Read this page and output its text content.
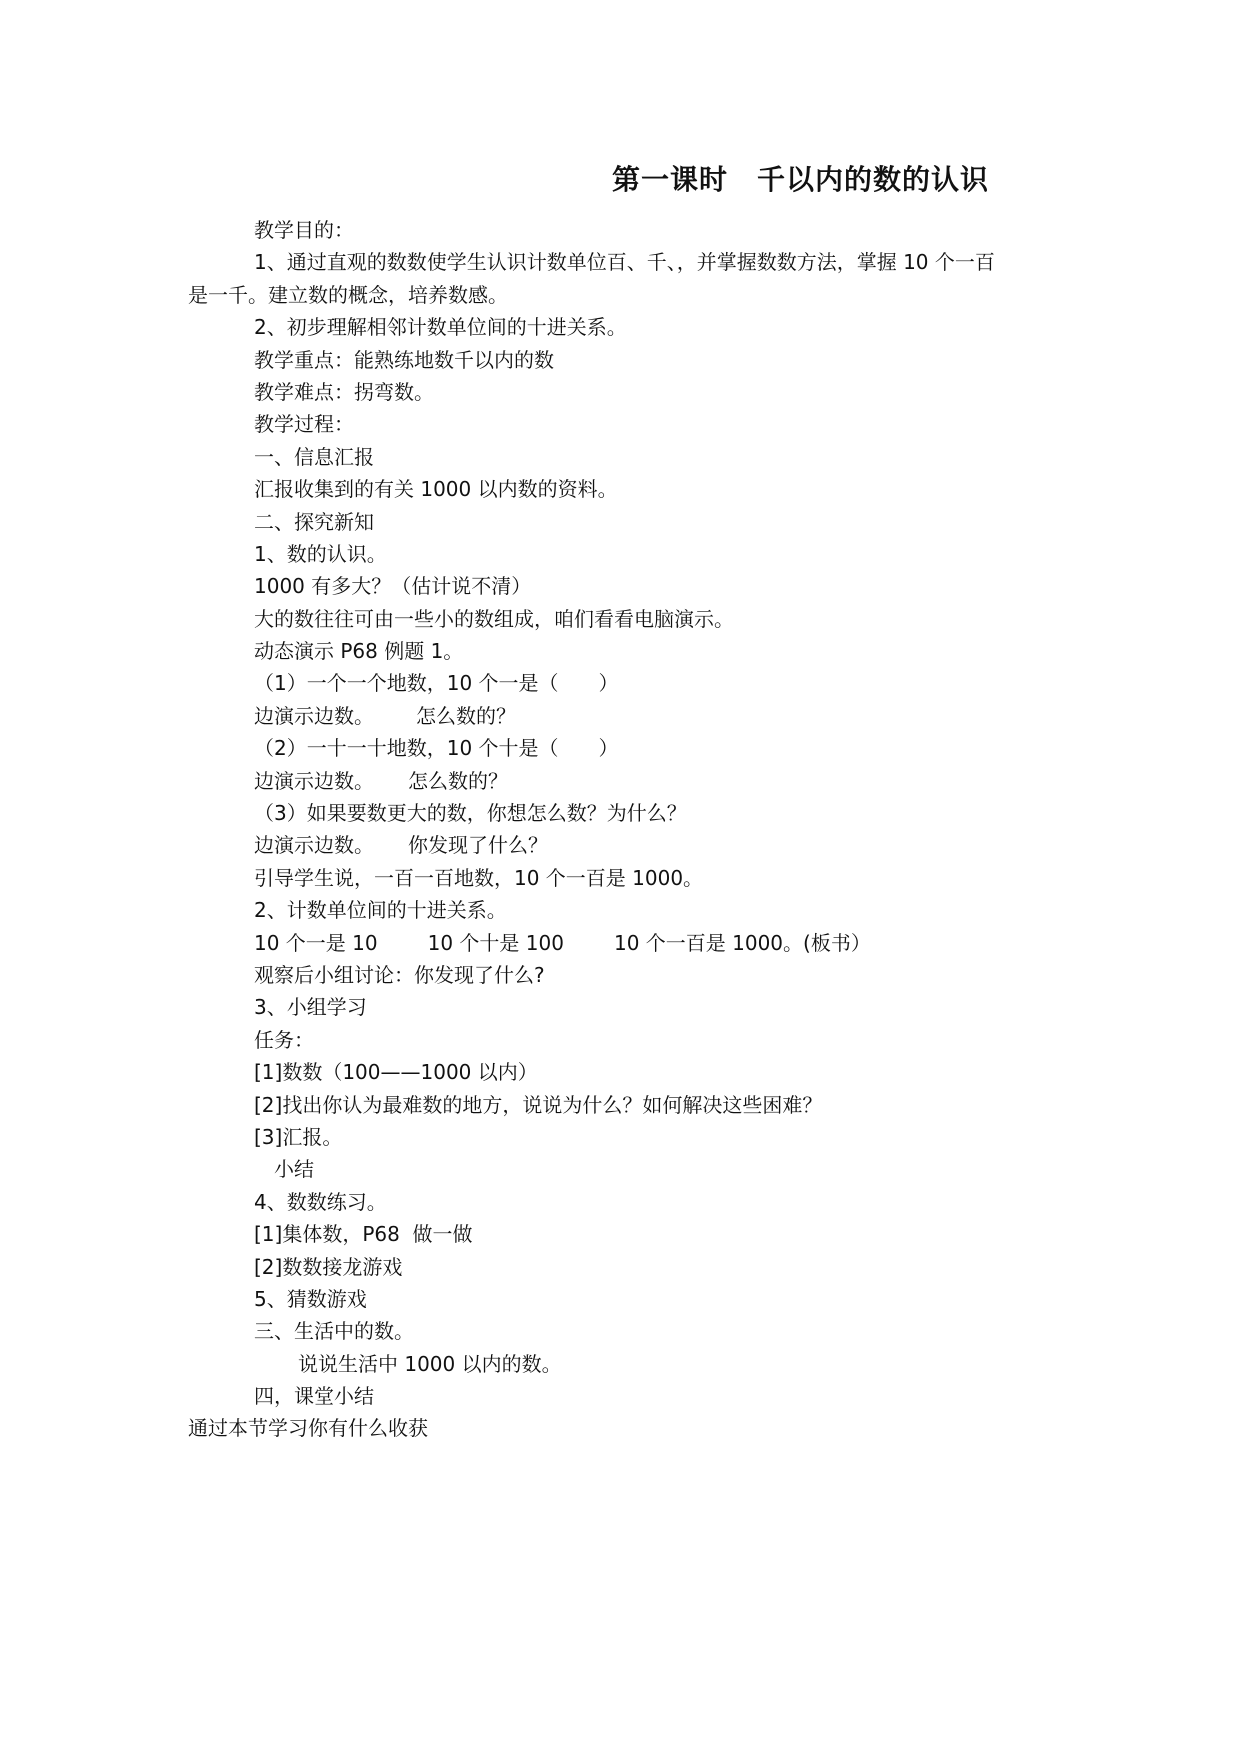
第一课时　千以内的数的认识
教学目的：
1、通过直观的数数使学生认识计数单位百、千、，并掌握数数方法，掌握 10 个一百
是一千。建立数的概念，培养数感。
2、初步理解相邻计数单位间的十进关系。
教学重点：能熟练地数千以内的数
教学难点：拐弯数。
教学过程：
一、信息汇报
汇报收集到的有关 1000 以内数的资料。
二、探究新知
1、数的认识。
1000 有多大？（估计说不清）
大的数往往可由一些小的数组成，咱们看看电脑演示。
动态演示 P68 例题 1。
（1）一个一个地数，10 个一是（　　）
边演示边数。 怎么数的？
（2）一十一十地数，10 个十是（　　）
边演示边数。 怎么数的？
（3）如果要数更大的数，你想怎么数？为什么？
边演示边数。 你发现了什么？
引导学生说，一百一百地数，10 个一百是 1000。
2、计数单位间的十进关系。
10 个一是 10	10 个十是 100	10 个一百是 1000。(板书）
观察后小组讨论：你发现了什么?
3、小组学习
任务：
[1]数数（100——1000 以内）
[2]找出你认为最难数的地方，说说为什么？如何解决这些困难？
[3]汇报。
小结
4、数数练习。
[1]集体数，P68  做一做
[2]数数接龙游戏
5、猜数游戏
三、生活中的数。
说说生活中 1000 以内的数。
四，课堂小结
通过本节学习你有什么收获
